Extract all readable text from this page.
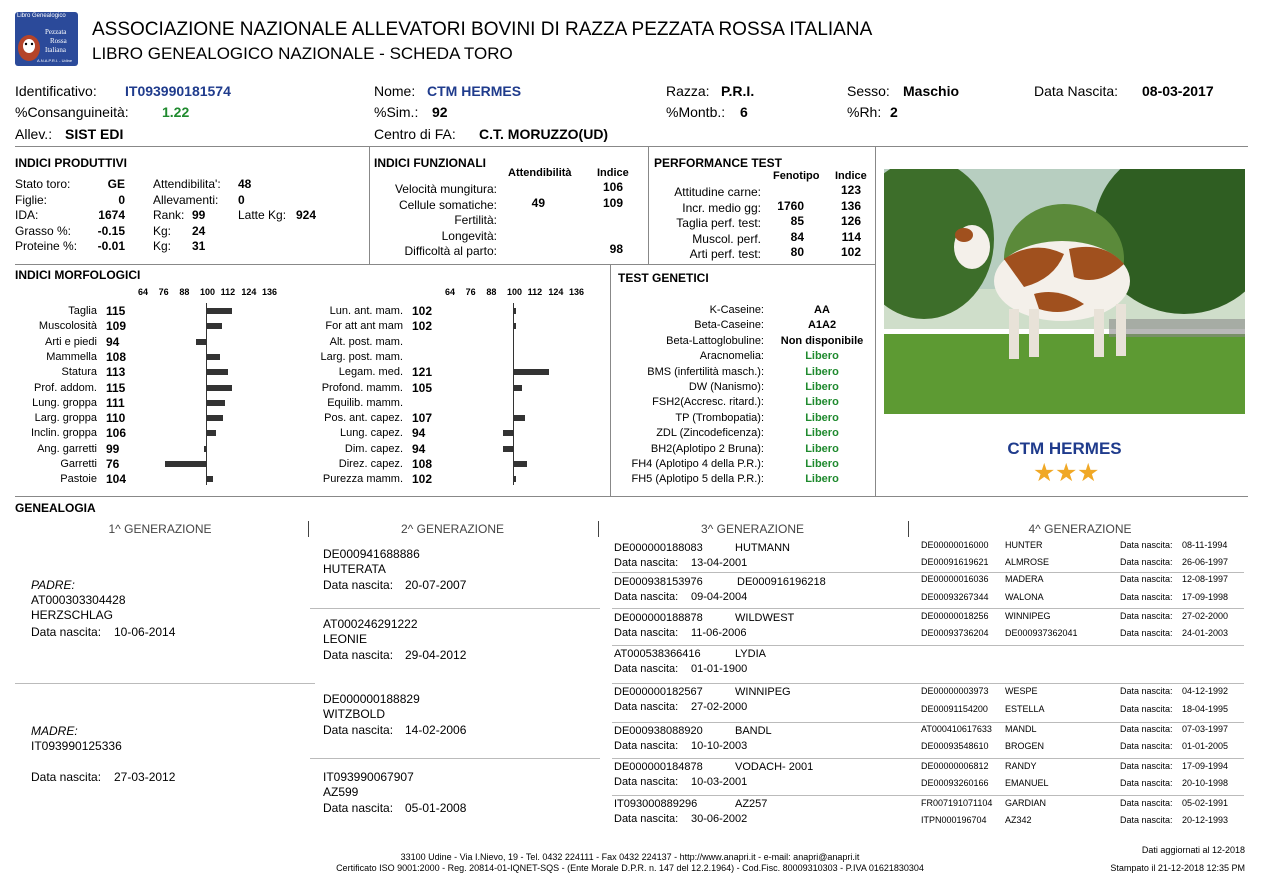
Libro Genealogico
Pezzata
Rossa
Italiana
A.N.A.P.R.I. - Udine
ASSOCIAZIONE NAZIONALE ALLEVATORI BOVINI DI RAZZA PEZZATA ROSSA ITALIANA
LIBRO GENEALOGICO NAZIONALE - SCHEDA TORO
Identificativo: IT093990181574
%Consanguineità: 1.22
Allev.: SIST EDI
Nome: CTM HERMES
%Sim.: 92
Centro di FA: C.T. MORUZZO(UD)
Razza: P.R.I.
%Montb.: 6
Sesso: Maschio
%Rh: 2
Data Nascita: 08-03-2017
INDICI PRODUTTIVI
Stato toro:	GE Attendibilita': 48
Figlie:	0 Allevamenti: 0
IDA:	1674 Rank: 99
Grasso %:	-0.15 Kg: 24
Proteine %:	-0.01 Kg: 31
Latte Kg: 924
INDICI FUNZIONALI
Attendibilità Indice
Velocità mungitura:	106
Cellule somatiche:	49	109
Fertilità:
Longevità:
Difficoltà al parto:	98
PERFORMANCE TEST
Fenotipo Indice
Attitudine carne:	123
Incr. medio gg:	1760	136
Taglia perf. test:	85	126
Muscol. perf.	84	114
Arti perf. test:	80	102
INDICI MORFOLOGICI
64 76 88 100 112 124 136
Taglia 115
Muscolosità 109
Arti e piedi 94
Mammella 108
Statura 113
Prof. addom. 115
Lung. groppa 111
Larg. groppa 110
Inclin. groppa 106
Ang. garretti 99
Garretti 76
Pastoie 104
64 76 88 100 112 124 136
Lun. ant. mam. 102
For att ant mam 102
Alt. post. mam.
Larg. post. mam.
Legam. med. 121
Profond. mamm. 105
Equilib. mamm.
Pos. ant. capez. 107
Lung. capez. 94
Dim. capez. 94
Direz. capez. 108
Purezza mamm. 102
TEST GENETICI
K-Caseine:	AA
Beta-Caseine:	A1A2
Beta-Lattoglobuline:	Non disponibile
Aracnomelia:	Libero
BMS (infertilità masch.):	Libero
DW (Nanismo):	Libero
FSH2(Accresc. ritard.):	Libero
TP (Trombopatia):	Libero
ZDL (Zincodeficenza):	Libero
BH2(Aplotipo 2 Bruna):	Libero
FH4 (Aplotipo 4 della P.R.):	Libero
FH5 (Aplotipo 5 della P.R.):	Libero
CTM HERMES
★ ★ ★
GENEALOGIA
1^ GENERAZIONE	2^ GENERAZIONE	3^ GENERAZIONE	4^ GENERAZIONE
PADRE:
AT000303304428
HERZSCHLAG
Data nascita: 10-06-2014
MADRE:
IT093990125336
Data nascita: 27-03-2012
DE000941688886
HUTERATA
Data nascita: 20-07-2007
AT000246291222
LEONIE
Data nascita: 29-04-2012
DE000000188829
WITZBOLD
Data nascita: 14-02-2006
IT093990067907
AZ599
Data nascita: 05-01-2008
DE000000188083	HUTMANN
Data nascita: 13-04-2001
DE000938153976	DE000916196218
Data nascita: 09-04-2004
DE000000188878	WILDWEST
Data nascita: 11-06-2006
AT000538366416	LYDIA
Data nascita: 01-01-1900
DE000000182567	WINNIPEG
Data nascita: 27-02-2000
DE000938088920	BANDL
Data nascita: 10-10-2003
DE000000184878	VODACH- 2001
Data nascita: 10-03-2001
IT093000889296	AZ257
Data nascita: 30-06-2002
DE00000016000 HUNTER	Data nascita: 08-11-1994
DE00091619621 ALMROSE	Data nascita: 26-06-1997
DE00000016036 MADERA	Data nascita: 12-08-1997
DE00093267344 WALONA	Data nascita: 17-09-1998
DE00000018256 WINNIPEG	Data nascita: 27-02-2000
DE00093736204 DE000937362041	Data nascita: 24-01-2003
DE00000003973 WESPE	Data nascita: 04-12-1992
DE00091154200 ESTELLA	Data nascita: 18-04-1995
AT000410617633 MANDL	Data nascita: 07-03-1997
DE00093548610 BROGEN	Data nascita: 01-01-2005
DE00000006812 RANDY	Data nascita: 17-09-1994
DE00093260166 EMANUEL	Data nascita: 20-10-1998
FR007191071104 GARDIAN	Data nascita: 05-02-1991
ITPN000196704 AZ342	Data nascita: 20-12-1993
33100 Udine - Via I.Nievo, 19 - Tel. 0432 224111 - Fax 0432 224137 - http://www.anapri.it - e-mail: anapri@anapri.it
Certificato ISO 9001:2000 - Reg. 20814-01-IQNET-SQS - (Ente Morale D.P.R. n. 147 del 12.2.1964) - Cod.Fisc. 80009310303 - P.IVA 01621830304
Dati aggiornati al 12-2018
Stampato il 21-12-2018 12:35 PM
